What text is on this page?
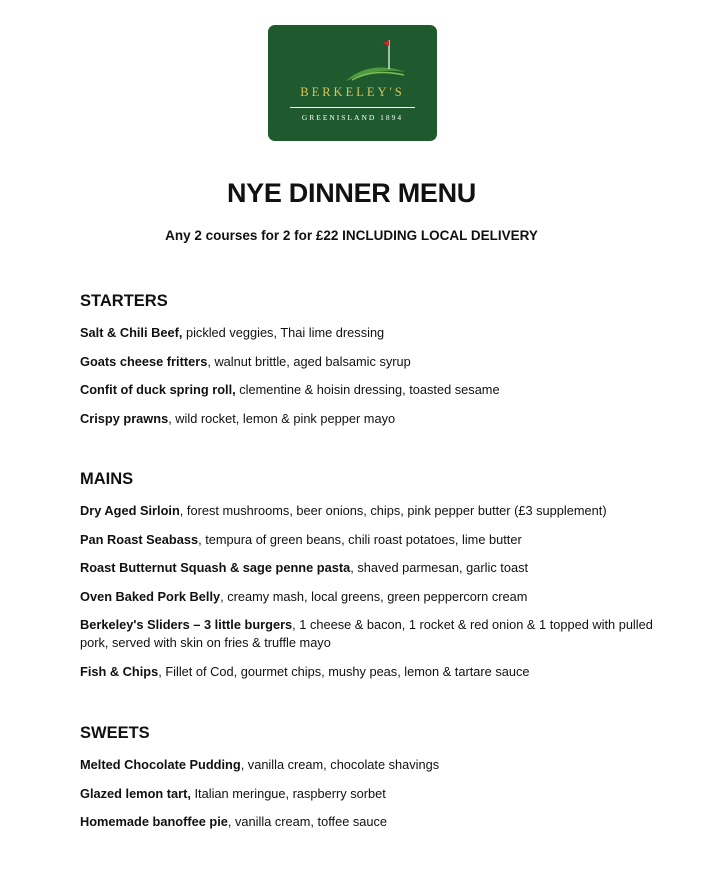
BERKELEY'S
GREENISLAND 1894
NYE DINNER MENU
Any 2 courses for 2 for £22 INCLUDING LOCAL DELIVERY
STARTERS
Salt & Chili Beef, pickled veggies, Thai lime dressing
Goats cheese fritters, walnut brittle, aged balsamic syrup
Confit of duck spring roll, clementine & hoisin dressing, toasted sesame
Crispy prawns, wild rocket, lemon & pink pepper mayo
MAINS
Dry Aged Sirloin, forest mushrooms, beer onions, chips, pink pepper butter (£3 supplement)
Pan Roast Seabass, tempura of green beans, chili roast potatoes, lime butter
Roast Butternut Squash & sage penne pasta, shaved parmesan, garlic toast
Oven Baked Pork Belly, creamy mash, local greens, green peppercorn cream
Berkeley's Sliders – 3 little burgers, 1 cheese & bacon, 1 rocket & red onion & 1 topped with pulled pork, served with skin on fries & truffle mayo
Fish & Chips, Fillet of Cod, gourmet chips, mushy peas, lemon & tartare sauce
SWEETS
Melted Chocolate Pudding, vanilla cream, chocolate shavings
Glazed lemon tart, Italian meringue, raspberry sorbet
Homemade banoffee pie, vanilla cream, toffee sauce
